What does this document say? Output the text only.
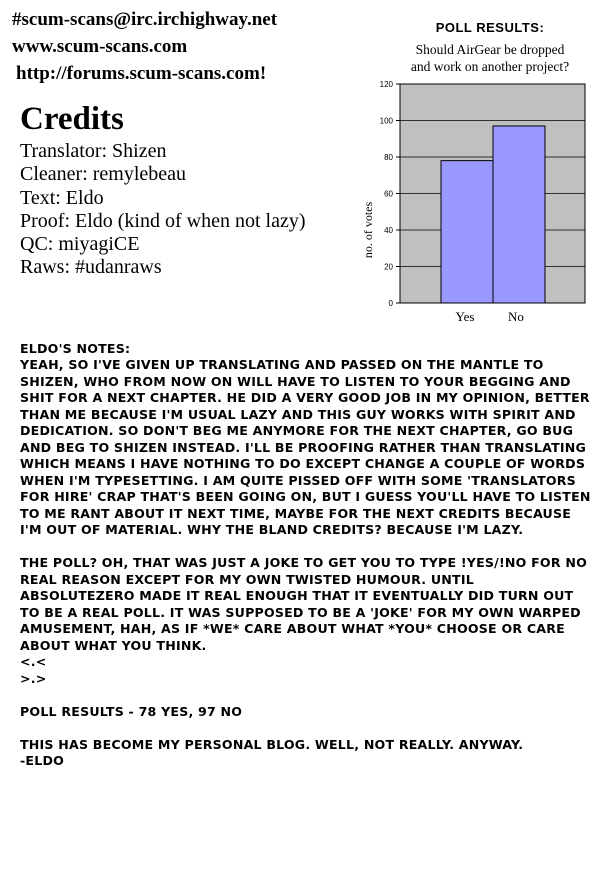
#scum-scans@irc.irchighway.net
www.scum-scans.com
http://forums.scum-scans.com!
Credits
Translator: Shizen
Cleaner: remylebeau
Text: Eldo
Proof: Eldo (kind of when not lazy)
QC: miyagiCE
Raws: #udanraws
POLL RESULTS:
Should AirGear be dropped
and work on another project?
0
20
40
60
80
100
120
Yes	No
no. of votes

ELDO'S NOTES:
YEAH, SO I'VE GIVEN UP TRANSLATING AND PASSED ON THE MANTLE TO SHIZEN, WHO FROM NOW ON WILL HAVE TO LISTEN TO YOUR BEGGING AND SHIT FOR A NEXT CHAPTER. HE DID A VERY GOOD JOB IN MY OPINION, BETTER THAN ME BECAUSE I'M USUAL LAZY AND THIS GUY WORKS WITH SPIRIT AND DEDICATION. SO DON'T BEG ME ANYMORE FOR THE NEXT CHAPTER, GO BUG AND BEG TO SHIZEN INSTEAD. I'LL BE PROOFING RATHER THAN TRANSLATING WHICH MEANS I HAVE NOTHING TO DO EXCEPT CHANGE A COUPLE OF WORDS WHEN I'M TYPESETTING. I AM QUITE PISSED OFF WITH SOME 'TRANSLATORS FOR HIRE' CRAP THAT'S BEEN GOING ON, BUT I GUESS YOU'LL HAVE TO LISTEN TO ME RANT ABOUT IT NEXT TIME, MAYBE FOR THE NEXT CREDITS BECAUSE I'M OUT OF MATERIAL. WHY THE BLAND CREDITS? BECAUSE I'M LAZY.

THE POLL? OH, THAT WAS JUST A JOKE TO GET YOU TO TYPE !YES/!NO FOR NO REAL REASON EXCEPT FOR MY OWN TWISTED HUMOUR. UNTIL ABSOLUTEZERO MADE IT REAL ENOUGH THAT IT EVENTUALLY DID TURN OUT TO BE A REAL POLL. IT WAS SUPPOSED TO BE A 'JOKE' FOR MY OWN WARPED AMUSEMENT, HAH, AS IF *WE* CARE ABOUT WHAT *YOU* CHOOSE OR CARE ABOUT WHAT YOU THINK.
<.<
>.>
POLL RESULTS - 78 YES, 97 NO
THIS HAS BECOME MY PERSONAL BLOG. WELL, NOT REALLY. ANYWAY.
-ELDO
